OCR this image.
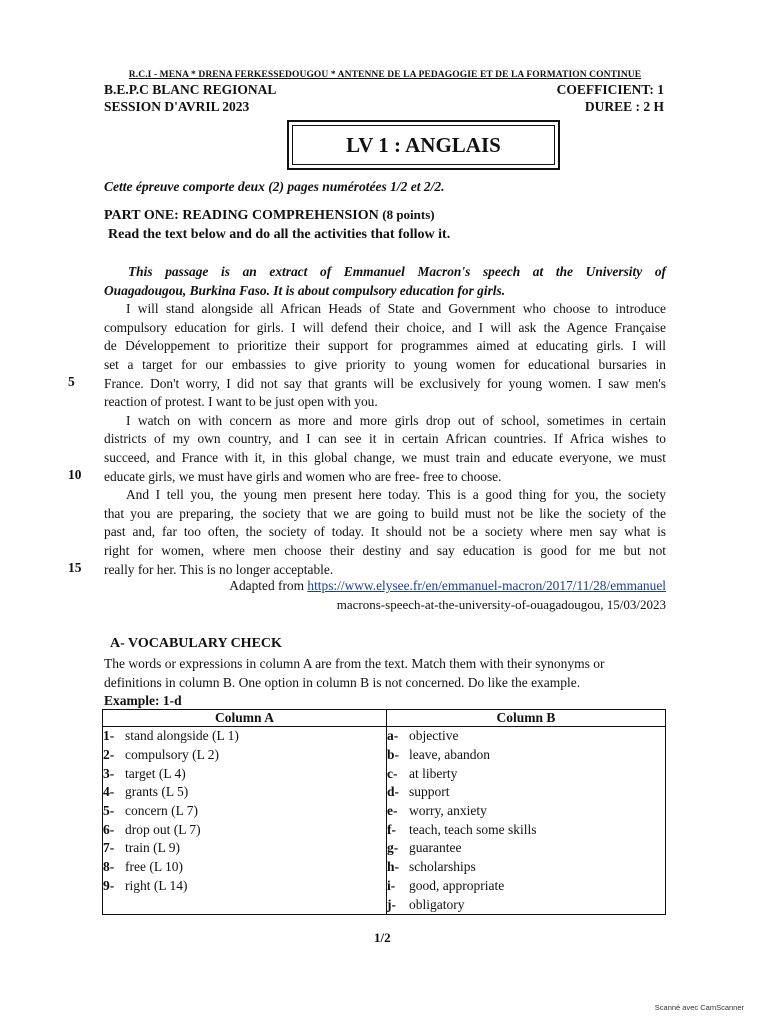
R.C.I - MENA * DRENA FERKESSEDOUGOU * ANTENNE DE LA PEDAGOGIE ET DE LA FORMATION CONTINUE
B.E.P.C BLANC REGIONAL	COEFFICIENT: 1
SESSION D'AVRIL 2023	DUREE : 2 H
LV 1 : ANGLAIS
Cette épreuve comporte deux (2) pages numérotées 1/2 et 2/2.
PART ONE: READING COMPREHENSION (8 points)
Read the text below and do all the activities that follow it.
This passage is an extract of Emmanuel Macron's speech at the University of
Ouagadougou, Burkina Faso. It is about compulsory education for girls.
I will stand alongside all African Heads of State and Government who choose to introduce
compulsory education for girls. I will defend their choice, and I will ask the Agence Française
de Développement to prioritize their support for programmes aimed at educating girls. I will
set a target for our embassies to give priority to young women for educational bursaries in
France. Don't worry, I did not say that grants will be exclusively for young women. I saw men's
reaction of protest. I want to be just open with you.
I watch on with concern as more and more girls drop out of school, sometimes in certain
districts of my own country, and I can see it in certain African countries. If Africa wishes to
succeed, and France with it, in this global change, we must train and educate everyone, we must
educate girls, we must have girls and women who are free- free to choose.
And I tell you, the young men present here today. This is a good thing for you, the society
that you are preparing, the society that we are going to build must not be like the society of the
past and, far too often, the society of today. It should not be a society where men say what is
right for women, where men choose their destiny and say education is good for me but not
really for her. This is no longer acceptable.
5
10
15
Adapted from https://www.elysee.fr/en/emmanuel-macron/2017/11/28/emmanuel
macrons-speech-at-the-university-of-ouagadougou, 15/03/2023
A- VOCABULARY CHECK
The words or expressions in column A are from the text. Match them with their synonyms or
definitions in column B. One option in column B is not concerned. Do like the example.
Example: 1-d
Column A	Column B
1- stand alongside (L 1)	a- objective
2- compulsory (L 2)	b- leave, abandon
3- target (L 4)	c- at liberty
4- grants (L 5)	d- support
5- concern (L 7)	e- worry, anxiety
6- drop out (L 7)	f- teach, teach some skills
7- train (L 9)	g- guarantee
8- free (L 10)	h- scholarships
9- right (L 14)	i- good, appropriate
	j- obligatory
1/2
Scanné avec CamScanner
